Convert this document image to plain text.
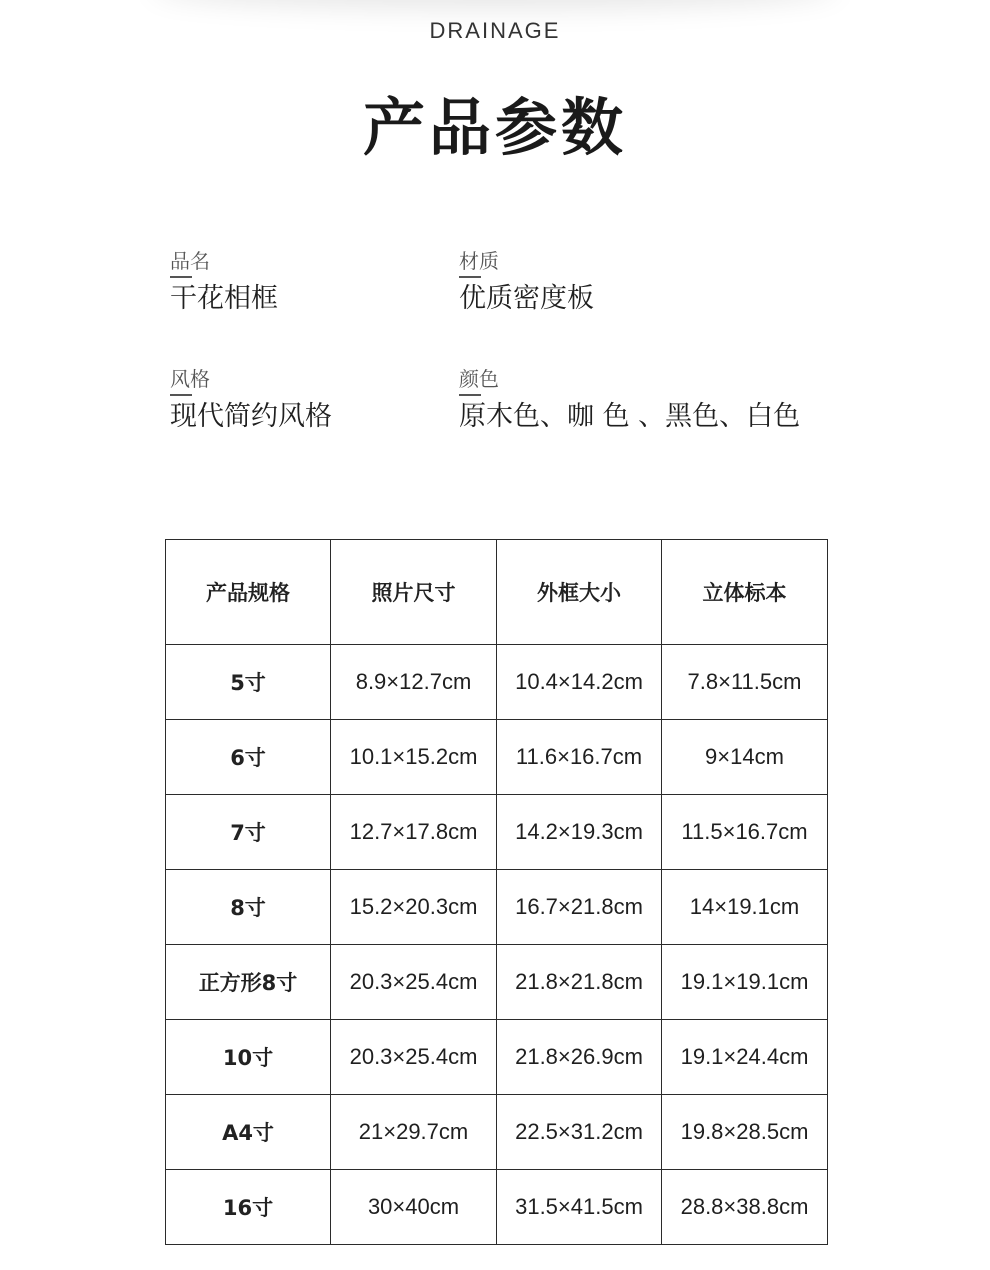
DRAINAGE
产品参数
品名
干花相框
材质
优质密度板
风格
现代简约风格
颜色
原木色、咖 色 、黑色、白色
产品规格	照片尺寸	外框大小	立体标本
5寸	8.9×12.7cm	10.4×14.2cm	7.8×11.5cm
6寸	10.1×15.2cm	11.6×16.7cm	9×14cm
7寸	12.7×17.8cm	14.2×19.3cm	11.5×16.7cm
8寸	15.2×20.3cm	16.7×21.8cm	14×19.1cm
正方形8寸	20.3×25.4cm	21.8×21.8cm	19.1×19.1cm
10寸	20.3×25.4cm	21.8×26.9cm	19.1×24.4cm
A4寸	21×29.7cm	22.5×31.2cm	19.8×28.5cm
16寸	30×40cm	31.5×41.5cm	28.8×38.8cm
